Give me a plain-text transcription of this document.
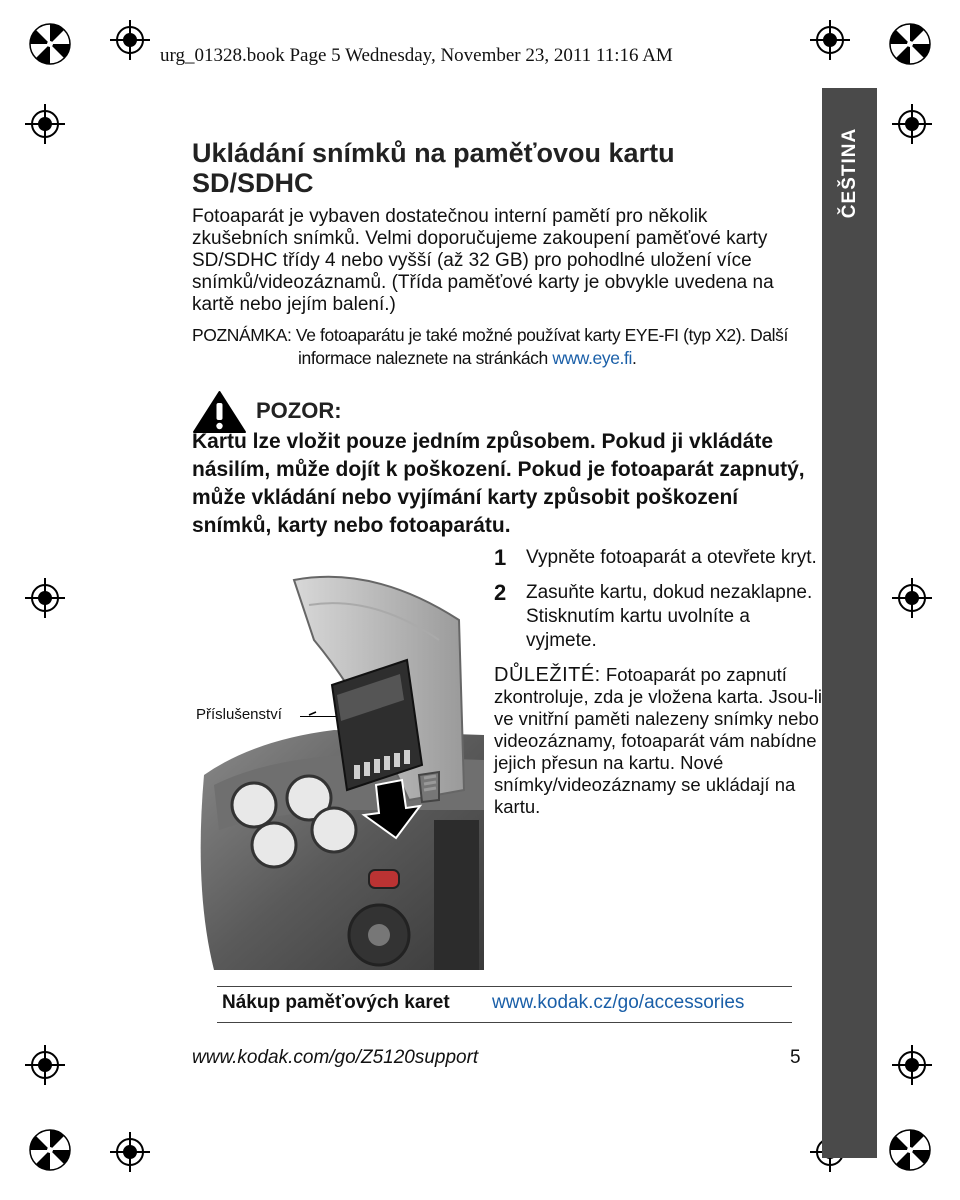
urg_01328.book Page 5 Wednesday, November 23, 2011 11:16 AM
ČEŠTINA
Ukládání snímků na paměťovou kartu SD/SDHC

Fotoaparát je vybaven dostatečnou interní pamětí pro několik zkušebních snímků. Velmi doporučujeme zakoupení paměťové karty SD/SDHC třídy 4 nebo vyšší (až 32 GB) pro pohodlné uložení více snímků/videozáznamů. (Třída paměťové karty je obvykle uvedena na kartě nebo jejím balení.)

POZNÁMKA: Ve fotoaparátu je také možné používat karty EYE-FI (typ X2). Další
informace naleznete na stránkách www.eye.fi.
POZOR:

Kartu lze vložit pouze jedním způsobem. Pokud ji vkládáte násilím, může dojít k poškození. Pokud je fotoaparát zapnutý, může vkládání nebo vyjímání karty způsobit poškození snímků, karty nebo fotoaparátu.

Příslušenství
1	Vypněte fotoaparát a otevřete kryt.
2	Zasuňte kartu, dokud nezaklapne. Stisknutím kartu uvolníte a vyjmete.
DŮLEŽITÉ: Fotoaparát po zapnutí zkontroluje, zda je vložena karta. Jsou-li ve vnitřní paměti nalezeny snímky nebo videozáznamy, fotoaparát vám nabídne jejich přesun na kartu. Nové snímky/videozáznamy se ukládají na kartu.
Nákup paměťových karet www.kodak.cz/go/accessories
www.kodak.com/go/Z5120support	5
